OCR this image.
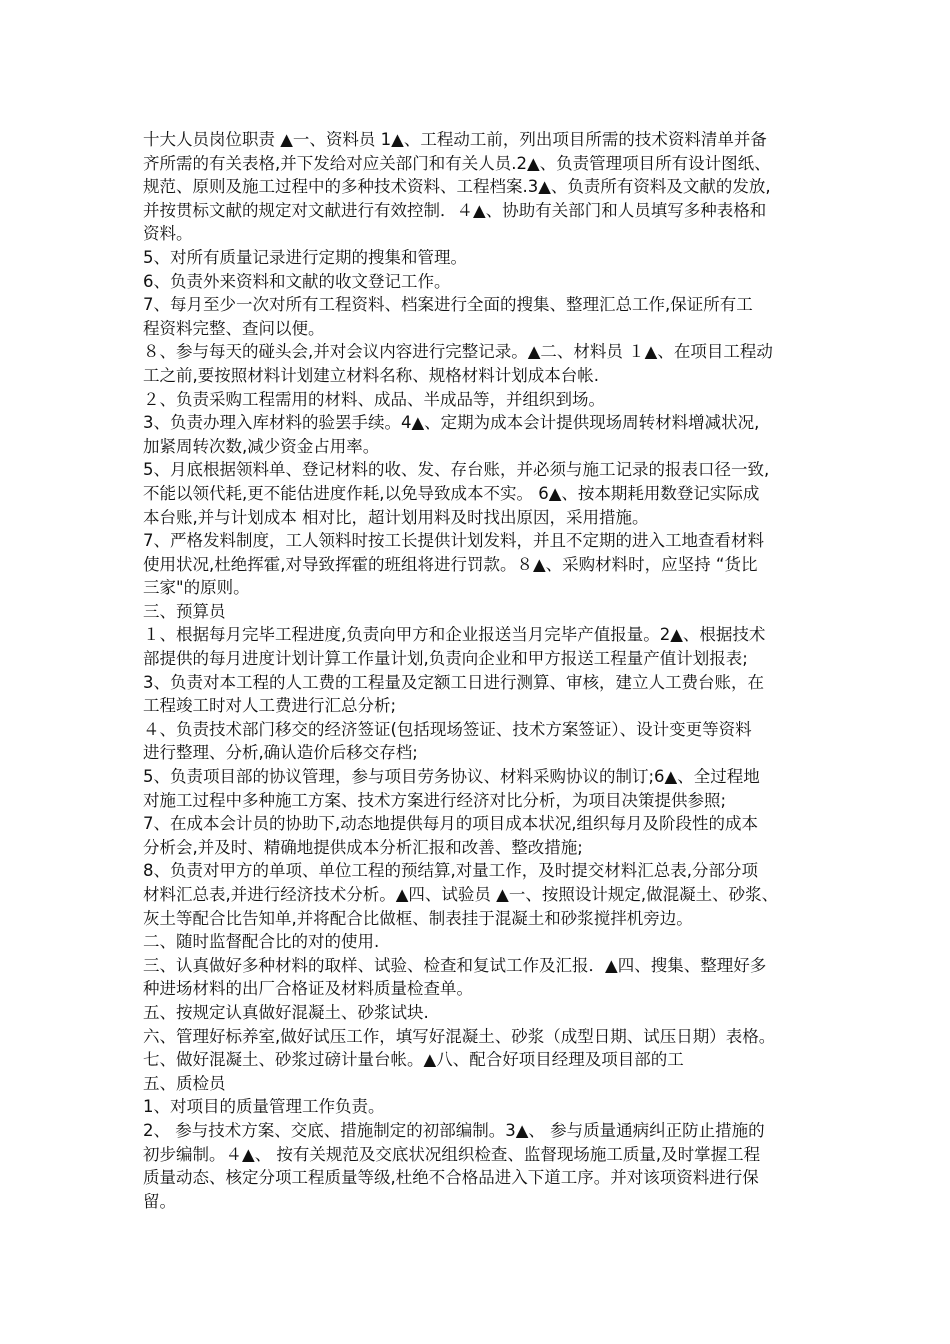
十大人员岗位职责 ▲一、资料员 1▲、工程动工前，列出项目所需的技术资料清单并备
齐所需的有关表格,并下发给对应关部门和有关人员.2▲、负责管理项目所有设计图纸、
规范、原则及施工过程中的多种技术资料、工程档案.3▲、负责所有资料及文献的发放,
并按贯标文献的规定对文献进行有效控制．４▲、协助有关部门和人员填写多种表格和
资料。
5、对所有质量记录进行定期的搜集和管理。
6、负责外来资料和文献的收文登记工作。
7、每月至少一次对所有工程资料、档案进行全面的搜集、整理汇总工作,保证所有工
程资料完整、查问以便。
８、参与每天的碰头会,并对会议内容进行完整记录。▲二、材料员 １▲、在项目工程动
工之前,要按照材料计划建立材料名称、规格材料计划成本台帐.
２、负责采购工程需用的材料、成品、半成品等，并组织到场。
3、负责办理入库材料的验罢手续。4▲、定期为成本会计提供现场周转材料增减状况,
加紧周转次数,减少资金占用率。
5、月底根据领料单、登记材料的收、发、存台账，并必须与施工记录的报表口径一致,
不能以领代耗,更不能估进度作耗,以免导致成本不实。 6▲、按本期耗用数登记实际成
本台账,并与计划成本 相对比，超计划用料及时找出原因，采用措施。
7、严格发料制度，工人领料时按工长提供计划发料，并且不定期的进入工地查看材料
使用状况,杜绝挥霍,对导致挥霍的班组将进行罚款。８▲、采购材料时，应坚持 “货比
三家"的原则。
三、预算员
１、根据每月完毕工程进度,负责向甲方和企业报送当月完毕产值报量。2▲、根据技术
部提供的每月进度计划计算工作量计划,负责向企业和甲方报送工程量产值计划报表;
3、负责对本工程的人工费的工程量及定额工日进行测算、审核，建立人工费台账，在
工程竣工时对人工费进行汇总分析;
４、负责技术部门移交的经济签证(包括现场签证、技术方案签证）、设计变更等资料
进行整理、分析,确认造价后移交存档;
5、负责项目部的协议管理，参与项目劳务协议、材料采购协议的制订;6▲、全过程地
对施工过程中多种施工方案、技术方案进行经济对比分析，为项目决策提供参照;
7、在成本会计员的协助下,动态地提供每月的项目成本状况,组织每月及阶段性的成本
分析会,并及时、精确地提供成本分析汇报和改善、整改措施;
8、负责对甲方的单项、单位工程的预结算,对量工作，及时提交材料汇总表,分部分项
材料汇总表,并进行经济技术分析。▲四、试验员 ▲一、按照设计规定,做混凝土、砂浆、
灰土等配合比告知单,并将配合比做框、制表挂于混凝土和砂浆搅拌机旁边。
二、随时监督配合比的对的使用.
三、认真做好多种材料的取样、试验、检查和复试工作及汇报．▲四、搜集、整理好多
种进场材料的出厂合格证及材料质量检查单。
五、按规定认真做好混凝土、砂浆试块.
六、管理好标养室,做好试压工作，填写好混凝土、砂浆（成型日期、试压日期）表格。
七、做好混凝土、砂浆过磅计量台帐。▲八、配合好项目经理及项目部的工
五、质检员
1、对项目的质量管理工作负责。
2、 参与技术方案、交底、措施制定的初部编制。3▲、 参与质量通病纠正防止措施的
初步编制。４▲、 按有关规范及交底状况组织检查、监督现场施工质量,及时掌握工程
质量动态、核定分项工程质量等级,杜绝不合格品进入下道工序。并对该项资料进行保
留。
